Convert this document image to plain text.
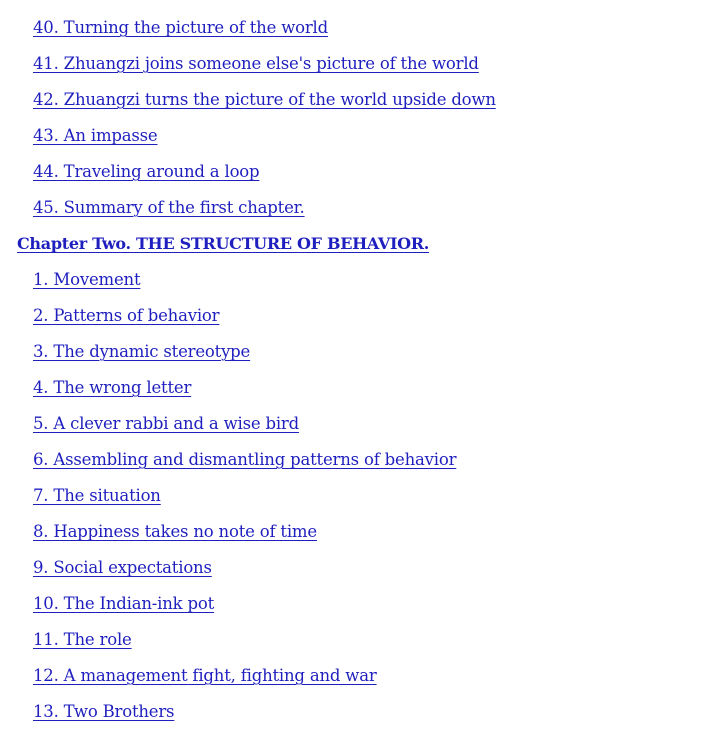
40. Turning the picture of the world
41. Zhuangzi joins someone else's picture of the world
42. Zhuangzi turns the picture of the world upside down
43. An impasse
44. Traveling around a loop
45. Summary of the first chapter.
Chapter Two. THE STRUCTURE OF BEHAVIOR.
1. Movement
2. Patterns of behavior
3. The dynamic stereotype
4. The wrong letter
5. A clever rabbi and a wise bird
6. Assembling and dismantling patterns of behavior
7. The situation
8. Happiness takes no note of time
9. Social expectations
10. The Indian-ink pot
11. The role
12. A management fight, fighting and war
13. Two Brothers
